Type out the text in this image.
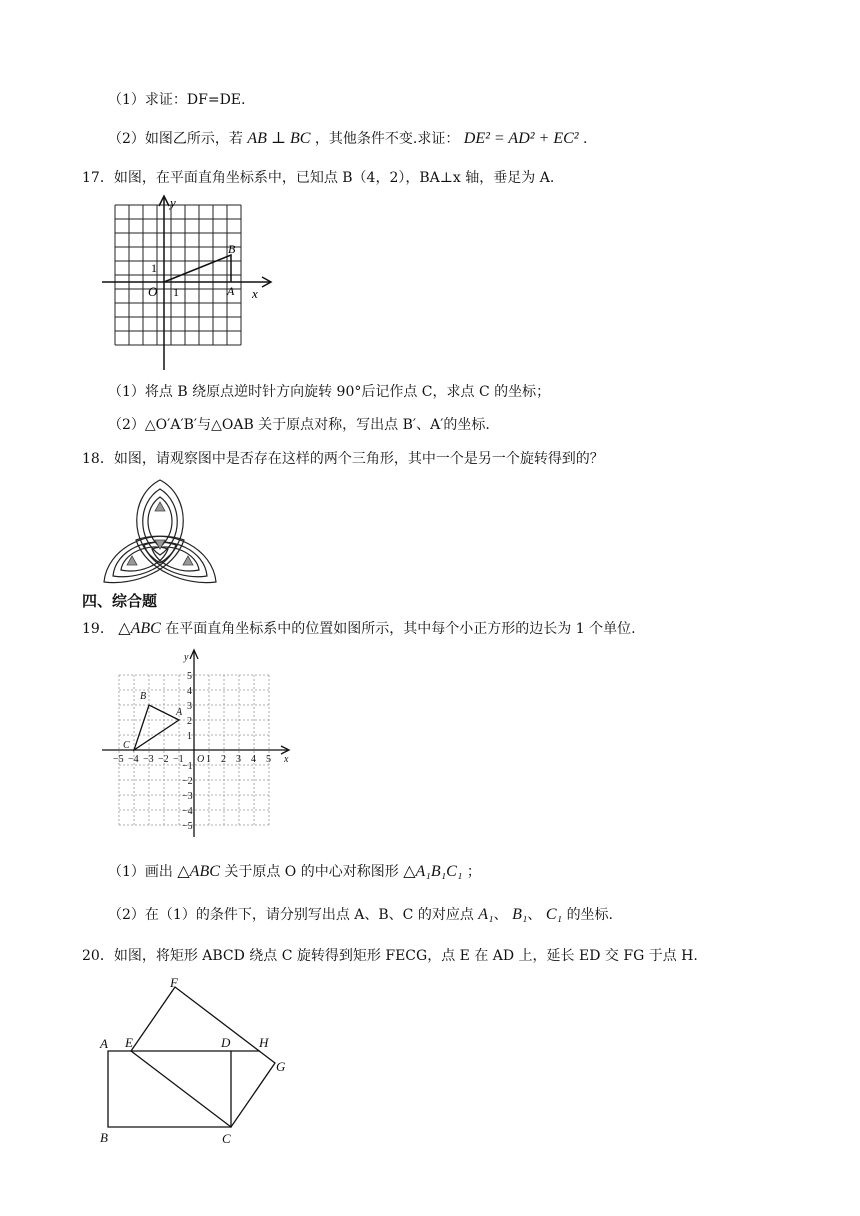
（1）求证：DF=DE.
（2）如图乙所示，若 AB ⊥ BC ，其他条件不变.求证： DE² = AD² + EC² .
17．如图，在平面直角坐标系中，已知点 B（4，2），BA⊥x 轴，垂足为 A.
y
x
O 1
1
A
B
（1）将点 B 绕原点逆时针方向旋转 90°后记作点 C，求点 C 的坐标；
（2）△O′A′B′与△OAB 关于原点对称，写出点 B′、A′的坐标.
18．如图，请观察图中是否存在这样的两个三角形，其中一个是另一个旋转得到的？
四、综合题
19． △ABC 在平面直角坐标系中的位置如图所示，其中每个小正方形的边长为 1 个单位.
y
x
O
A
B
C
−5 −4 −3 −2 −1 1 2 3 4 5
5
4
3
2
1
−1
−2
−3
−4
−5
（1）画出 △ABC 关于原点 O 的中心对称图形 △A₁B₁C₁ ；
（2）在（1）的条件下，请分别写出点 A、B、C 的对应点 A₁、 B₁、 C₁ 的坐标.
20．如图，将矩形 ABCD 绕点 C 旋转得到矩形 FECG，点 E 在 AD 上，延长 ED 交 FG 于点 H.
A
B	C
D
E
F
G
H
